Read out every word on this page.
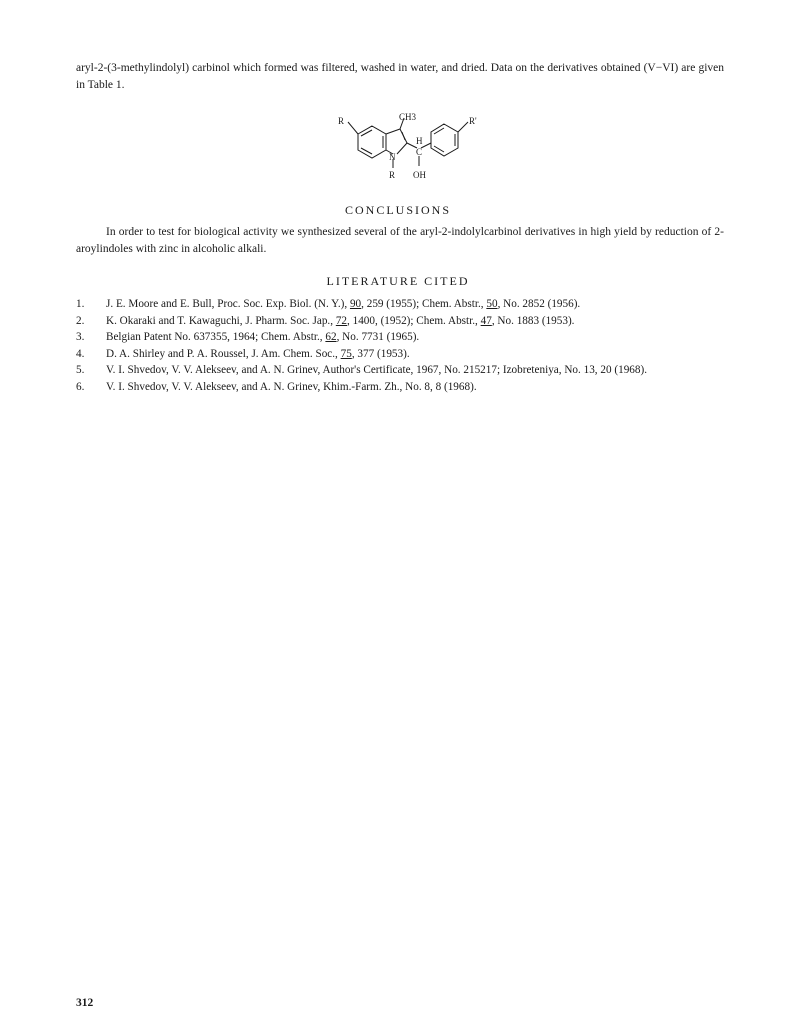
aryl-2-(3-methylindolyl) carbinol which formed was filtered, washed in water, and dried. Data on the derivatives obtained (V−VI) are given in Table 1.

R	CH3	R'
H
N C
R OH
CONCLUSIONS

In order to test for biological activity we synthesized several of the aryl-2-indolylcarbinol derivatives in high yield by reduction of 2-aroylindoles with zinc in alcoholic alkali.

LITERATURE CITED
1. J. E. Moore and E. Bull, Proc. Soc. Exp. Biol. (N. Y.), 90, 259 (1955); Chem. Abstr., 50, No. 2852 (1956).
2. K. Okaraki and T. Kawaguchi, J. Pharm. Soc. Jap., 72, 1400, (1952); Chem. Abstr., 47, No. 1883 (1953).
3. Belgian Patent No. 637355, 1964; Chem. Abstr., 62, No. 7731 (1965).
4. D. A. Shirley and P. A. Roussel, J. Am. Chem. Soc., 75, 377 (1953).
5. V. I. Shvedov, V. V. Alekseev, and A. N. Grinev, Author's Certificate, 1967, No. 215217; Izobreteniya, No. 13, 20 (1968).
6. V. I. Shvedov, V. V. Alekseev, and A. N. Grinev, Khim.-Farm. Zh., No. 8, 8 (1968).
312
